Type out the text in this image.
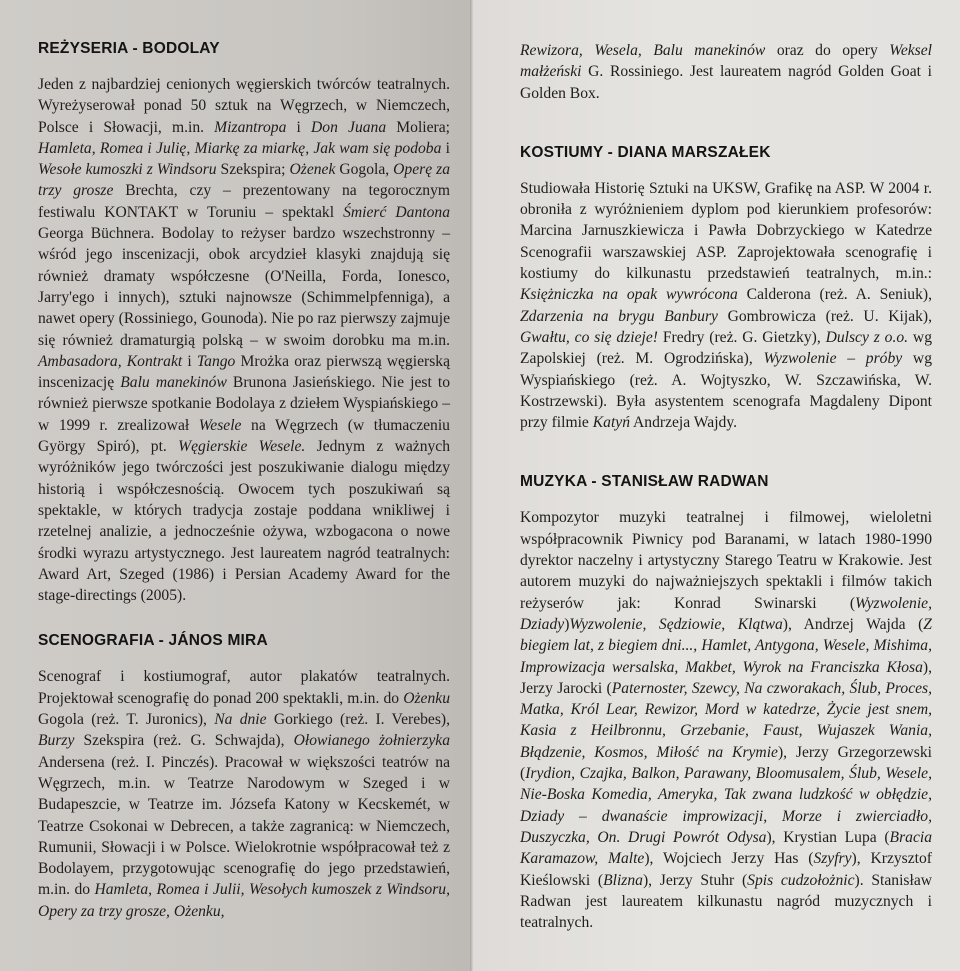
REŻYSERIA - BODOLAY

Jeden z najbardziej cenionych węgierskich twórców teatralnych. Wyreżyserował ponad 50 sztuk na Węgrzech, w Niemczech, Polsce i Słowacji, m.in. Mizantropa i Don Juana Moliera; Hamleta, Romea i Julię, Miarkę za miarkę, Jak wam się podoba i Wesołe kumoszki z Windsoru Szekspira; Ożenek Gogola, Operę za trzy grosze Brechta, czy – prezentowany na tegorocznym festiwalu KONTAKT w Toruniu – spektakl Śmierć Dantona Georga Büchnera. Bodolay to reżyser bardzo wszechstronny – wśród jego inscenizacji, obok arcydzieł klasyki znajdują się również dramaty współczesne (O'Neilla, Forda, Ionesco, Jarry'ego i innych), sztuki najnowsze (Schimmelpfenniga), a nawet opery (Rossiniego, Gounoda). Nie po raz pierwszy zajmuje się również dramaturgią polską – w swoim dorobku ma m.in. Ambasadora, Kontrakt i Tango Mrożka oraz pierwszą węgierską inscenizację Balu manekinów Brunona Jasieńskiego. Nie jest to również pierwsze spotkanie Bodolaya z dziełem Wyspiańskiego – w 1999 r. zrealizował Wesele na Węgrzech (w tłumaczeniu György Spiró), pt. Węgierskie Wesele. Jednym z ważnych wyróżników jego twórczości jest poszukiwanie dialogu między historią i współczesnością. Owocem tych poszukiwań są spektakle, w których tradycja zostaje poddana wnikliwej i rzetelnej analizie, a jednocześnie ożywa, wzbogacona o nowe środki wyrazu artystycznego. Jest laureatem nagród teatralnych: Award Art, Szeged (1986) i Persian Academy Award for the stage-directings (2005).

SCENOGRAFIA - JÁNOS MIRA

Scenograf i kostiumograf, autor plakatów teatralnych. Projektował scenografię do ponad 200 spektakli, m.in. do Ożenku Gogola (reż. T. Juronics), Na dnie Gorkiego (reż. I. Verebes), Burzy Szekspira (reż. G. Schwajda), Ołowianego żołnierzyka Andersena (reż. I. Pinczés). Pracował w większości teatrów na Węgrzech, m.in. w Teatrze Narodowym w Szeged i w Budapeszcie, w Teatrze im. Józsefa Katony w Kecskemét, w Teatrze Csokonai w Debrecen, a także zagranicą: w Niemczech, Rumunii, Słowacji i w Polsce. Wielokrotnie współpracował też z Bodolayem, przygotowując scenografię do jego przedstawień, m.in. do Hamleta, Romea i Julii, Wesołych kumoszek z Windsoru, Opery za trzy grosze, Ożenku,

Rewizora, Wesela, Balu manekinów oraz do opery Weksel małżeński G. Rossiniego. Jest laureatem nagród Golden Goat i Golden Box.

KOSTIUMY - DIANA MARSZAŁEK

Studiowała Historię Sztuki na UKSW, Grafikę na ASP. W 2004 r. obroniła z wyróżnieniem dyplom pod kierunkiem profesorów: Marcina Jarnuszkiewicza i Pawła Dobrzyckiego w Katedrze Scenografii warszawskiej ASP. Zaprojektowała scenografię i kostiumy do kilkunastu przedstawień teatralnych, m.in.: Księżniczka na opak wywrócona Calderona (reż. A. Seniuk), Zdarzenia na brygu Banbury Gombrowicza (reż. U. Kijak), Gwałtu, co się dzieje! Fredry (reż. G. Gietzky), Dulscy z o.o. wg Zapolskiej (reż. M. Ogrodzińska), Wyzwolenie – próby wg Wyspiańskiego (reż. A. Wojtyszko, W. Szczawińska, W. Kostrzewski). Była asystentem scenografa Magdaleny Dipont przy filmie Katyń Andrzeja Wajdy.

MUZYKA - STANISŁAW RADWAN

Kompozytor muzyki teatralnej i filmowej, wieloletni współpracownik Piwnicy pod Baranami, w latach 1980-1990 dyrektor naczelny i artystyczny Starego Teatru w Krakowie. Jest autorem muzyki do najważniejszych spektakli i filmów takich reżyserów jak: Konrad Swinarski (Wyzwolenie, Dziady)Wyzwolenie, Sędziowie, Klątwa), Andrzej Wajda (Z biegiem lat, z biegiem dni..., Hamlet, Antygona, Wesele, Mishima, Improwizacja wersalska, Makbet, Wyrok na Franciszka Kłosa), Jerzy Jarocki (Paternoster, Szewcy, Na czworakach, Ślub, Proces, Matka, Król Lear, Rewizor, Mord w katedrze, Życie jest snem, Kasia z Heilbronnu, Grzebanie, Faust, Wujaszek Wania, Błądzenie, Kosmos, Miłość na Krymie), Jerzy Grzegorzewski (Irydion, Czajka, Balkon, Parawany, Bloomusalem, Ślub, Wesele, Nie-Boska Komedia, Ameryka, Tak zwana ludzkość w obłędzie, Dziady – dwanaście improwizacji, Morze i zwierciadło, Duszyczka, On. Drugi Powrót Odysa), Krystian Lupa (Bracia Karamazow, Malte), Wojciech Jerzy Has (Szyfry), Krzysztof Kieślowski (Blizna), Jerzy Stuhr (Spis cudzołożnic). Stanisław Radwan jest laureatem kilkunastu nagród muzycznych i teatralnych.
